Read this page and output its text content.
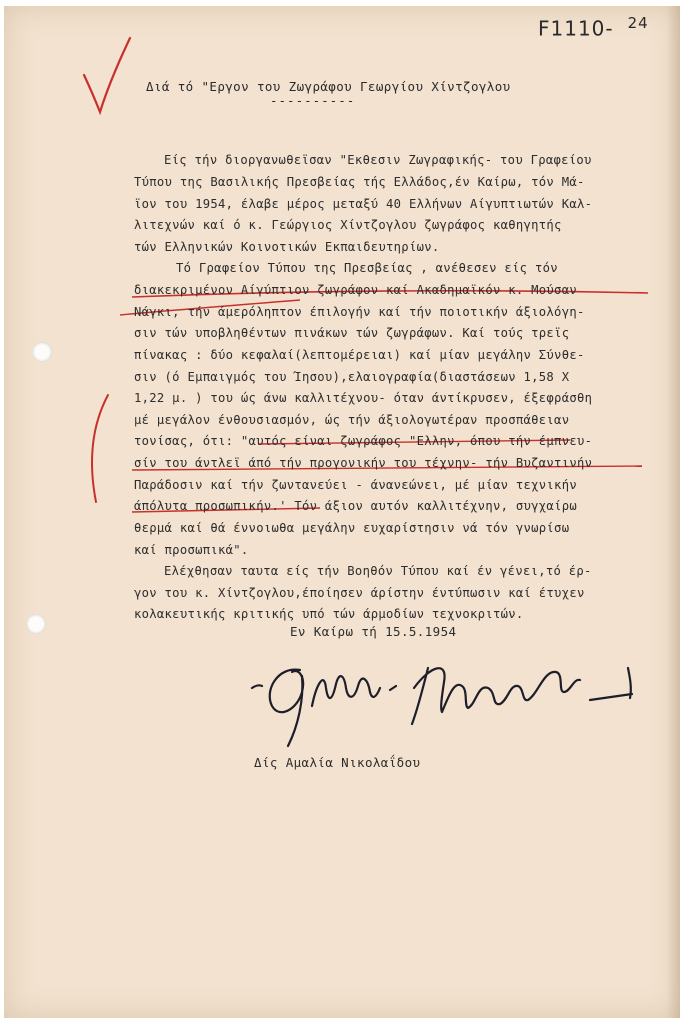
F1110- $^{24}$
Διά τό "Εργον του Ζωγράφου Γεωργίου Χίντζογλου
----------
Είς τήν διοργανωθεϊσαν "Εκθεσιν Ζωγραφικής- του Γραφείου
Τύπου της Βασιλικής Πρεσβείας τής Ελλάδος,έν Καίρω, τόν Μά-
ϊον του 1954, έλαβε μέρος μεταξύ 40 Ελλήνων Αίγυπτιωτών Καλ-
λιτεχνών καί ό κ. Γεώργιος Χίντζογλου ζωγράφος καθηγητής
τών Ελληνικών Κοινοτικών Εκπαιδευτηρίων.
Τό Γραφείον Τύπου της Πρεσβείας , ανέθεσεν είς τόν
διακεκριμένον Αίγύπτιον ζωγράφον καί Ακαδημαϊκόν κ. Μούσαν
Νάγκι, τήν άμερόληπτον έπιλογήν καί τήν ποιοτικήν άξιολόγη-
σιν τών υποβληθέντων πινάκων τών ζωγράφων. Καί τούς τρεϊς
πίνακας : δύο κεφαλαί(λεπτομέρειαι) καί μίαν μεγάλην Σύνθε-
σιν (ό Εμπαιγμός του Ίησου),ελαιογραφία(διαστάσεων 1,58 Χ
1,22 μ. ) του ώς άνω καλλιτέχνου- όταν άντίκρυσεν, έξεφράσθη
μέ μεγάλον ένθουσιασμόν, ώς τήν άξιολογωτέραν προσπάθειαν
τονίσας, ότι: "αυτός είναι ζωγράφος "Ελλην, όπου τήν έμπνευ-
σίν του άντλεϊ άπό τήν προγονικήν του τέχνην- τήν Βυζαντινήν
Παράδοσιν καί τήν ζωντανεύει - άνανεώνει, μέ μίαν τεχνικήν
άπόλυτα προσωπικήν.' Τόν άξιον αυτόν καλλιτέχνην, συγχαίρω
θερμά καί θά έννοιωθα μεγάλην ευχαρίστησιν νά τόν γνωρίσω
καί προσωπικά".
Ελέχθησαν ταυτα είς τήν Βοηθόν Τύπου καί έν γένει,τό έρ-
γον του κ. Χίντζογλου,έποίησεν άρίστην έντύπωσιν καί έτυχεν
κολακευτικής κριτικής υπό τών άρμοδίων τεχνοκριτών.
Εν Καίρω τή 15.5.1954
Δίς Αμαλία Νικολαΐδου
